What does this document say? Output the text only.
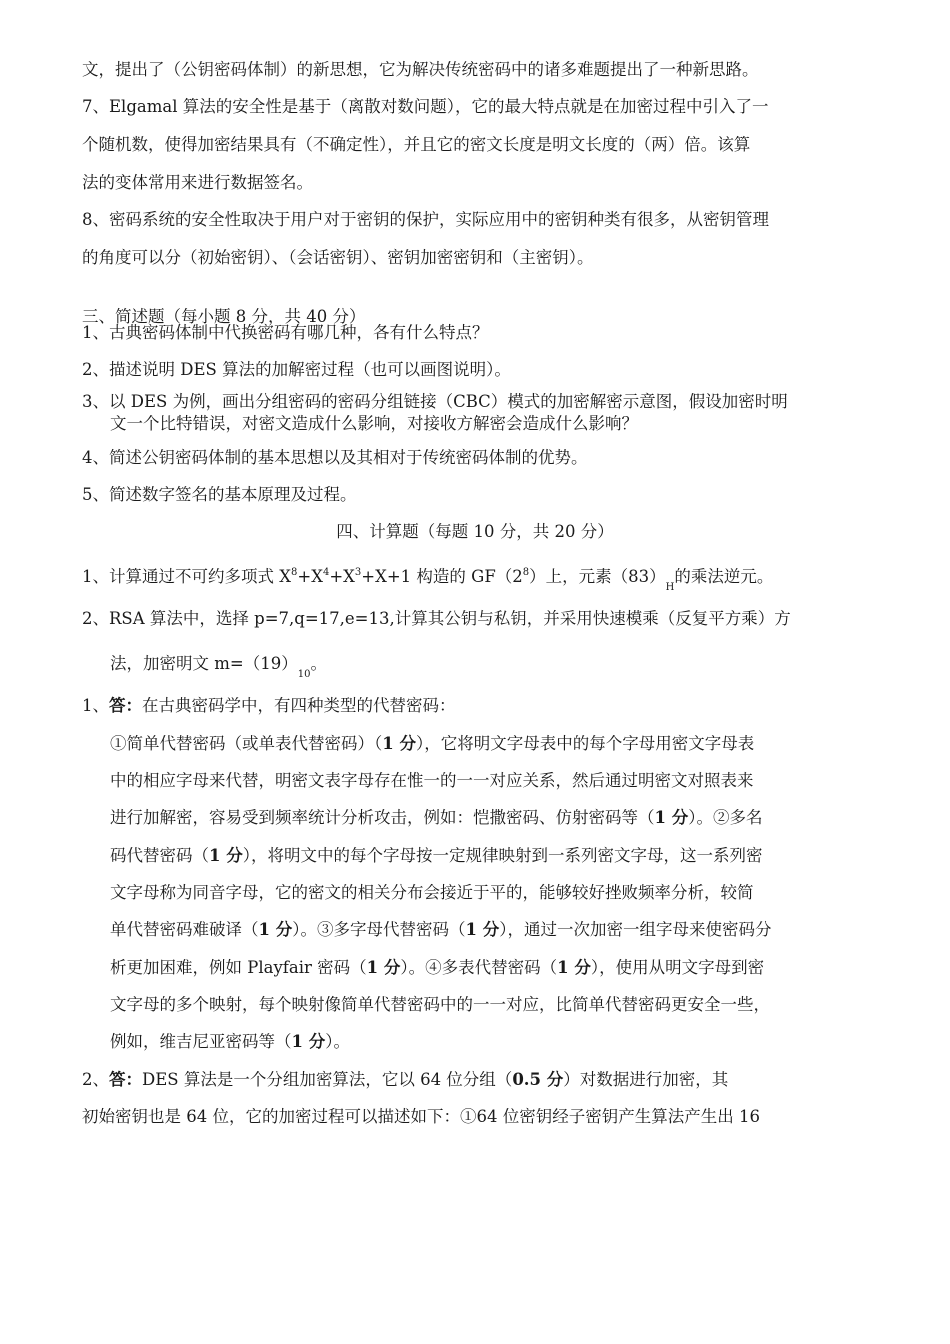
文，提出了（公钥密码体制）的新思想，它为解决传统密码中的诸多难题提出了一种新思路。
7、Elgamal 算法的安全性是基于（离散对数问题），它的最大特点就是在加密过程中引入了一
个随机数，使得加密结果具有（不确定性），并且它的密文长度是明文长度的（两）倍。该算
法的变体常用来进行数据签名。
8、密码系统的安全性取决于用户对于密钥的保护，实际应用中的密钥种类有很多，从密钥管理
的角度可以分（初始密钥）、（会话密钥）、密钥加密密钥和（主密钥）。
三、简述题（每小题 8 分，共 40 分）
1、古典密码体制中代换密码有哪几种，各有什么特点？
2、描述说明 DES 算法的加解密过程（也可以画图说明）。
3、以 DES 为例，画出分组密码的密码分组链接（CBC）模式的加密解密示意图，假设加密时明
文一个比特错误，对密文造成什么影响，对接收方解密会造成什么影响？
4、简述公钥密码体制的基本思想以及其相对于传统密码体制的优势。
5、简述数字签名的基本原理及过程。
四、计算题（每题 10 分，共 20 分）
1、计算通过不可约多项式 $X^8+X^4+X^3+X+1$ 构造的 $GF(2^8)$上，元素$(83)_H$的乘法逆元。
2、RSA 算法中，选择 p=7,q=17,e=13,计算其公钥与私钥，并采用快速模乘（反复平方乘）方
法，加密明文 $m=(19)_{10}$。
1、答：在古典密码学中，有四种类型的代替密码：
①简单代替密码（或单表代替密码）（1 分），它将明文字母表中的每个字母用密文字母表
中的相应字母来代替，明密文表字母存在惟一的一一对应关系，然后通过明密文对照表来
进行加解密，容易受到频率统计分析攻击，例如：恺撒密码、仿射密码等（1 分）。②多名
码代替密码（1 分），将明文中的每个字母按一定规律映射到一系列密文字母，这一系列密
文字母称为同音字母，它的密文的相关分布会接近于平的，能够较好挫败频率分析，较简
单代替密码难破译（1 分）。③多字母代替密码（1 分），通过一次加密一组字母来使密码分
析更加困难，例如 Playfair 密码（1 分）。④多表代替密码（1 分），使用从明文字母到密
文字母的多个映射，每个映射像简单代替密码中的一一对应，比简单代替密码更安全一些，
例如，维吉尼亚密码等（1 分）。
2、答：DES 算法是一个分组加密算法，它以 64 位分组（0.5 分）对数据进行加密，其
初始密钥也是 64 位，它的加密过程可以描述如下：①64 位密钥经子密钥产生算法产生出 16
